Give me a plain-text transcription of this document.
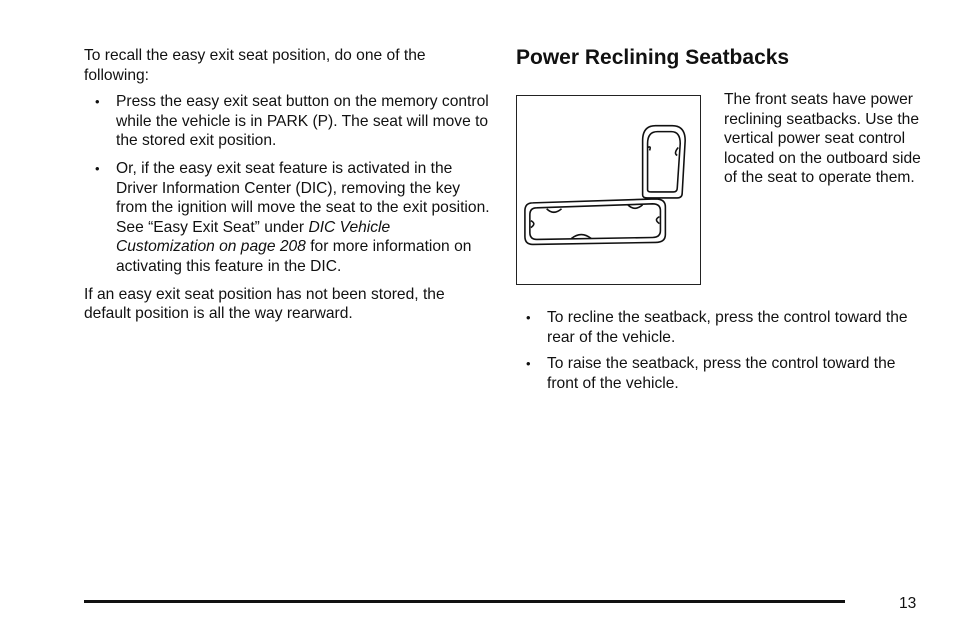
To recall the easy exit seat position, do one of the following:

• Press the easy exit seat button on the memory control while the vehicle is in PARK (P). The seat will move to the stored exit position.
• Or, if the easy exit seat feature is activated in the Driver Information Center (DIC), removing the key from the ignition will move the seat to the exit position. See “Easy Exit Seat” under DIC Vehicle Customization on page 208 for more information on activating this feature in the DIC.

If an easy exit seat position has not been stored, the default position is all the way rearward.

Power Reclining Seatbacks

The front seats have power reclining seatbacks. Use the vertical power seat control located on the outboard side of the seat to operate them.

• To recline the seatback, press the control toward the rear of the vehicle.
• To raise the seatback, press the control toward the front of the vehicle.
13
